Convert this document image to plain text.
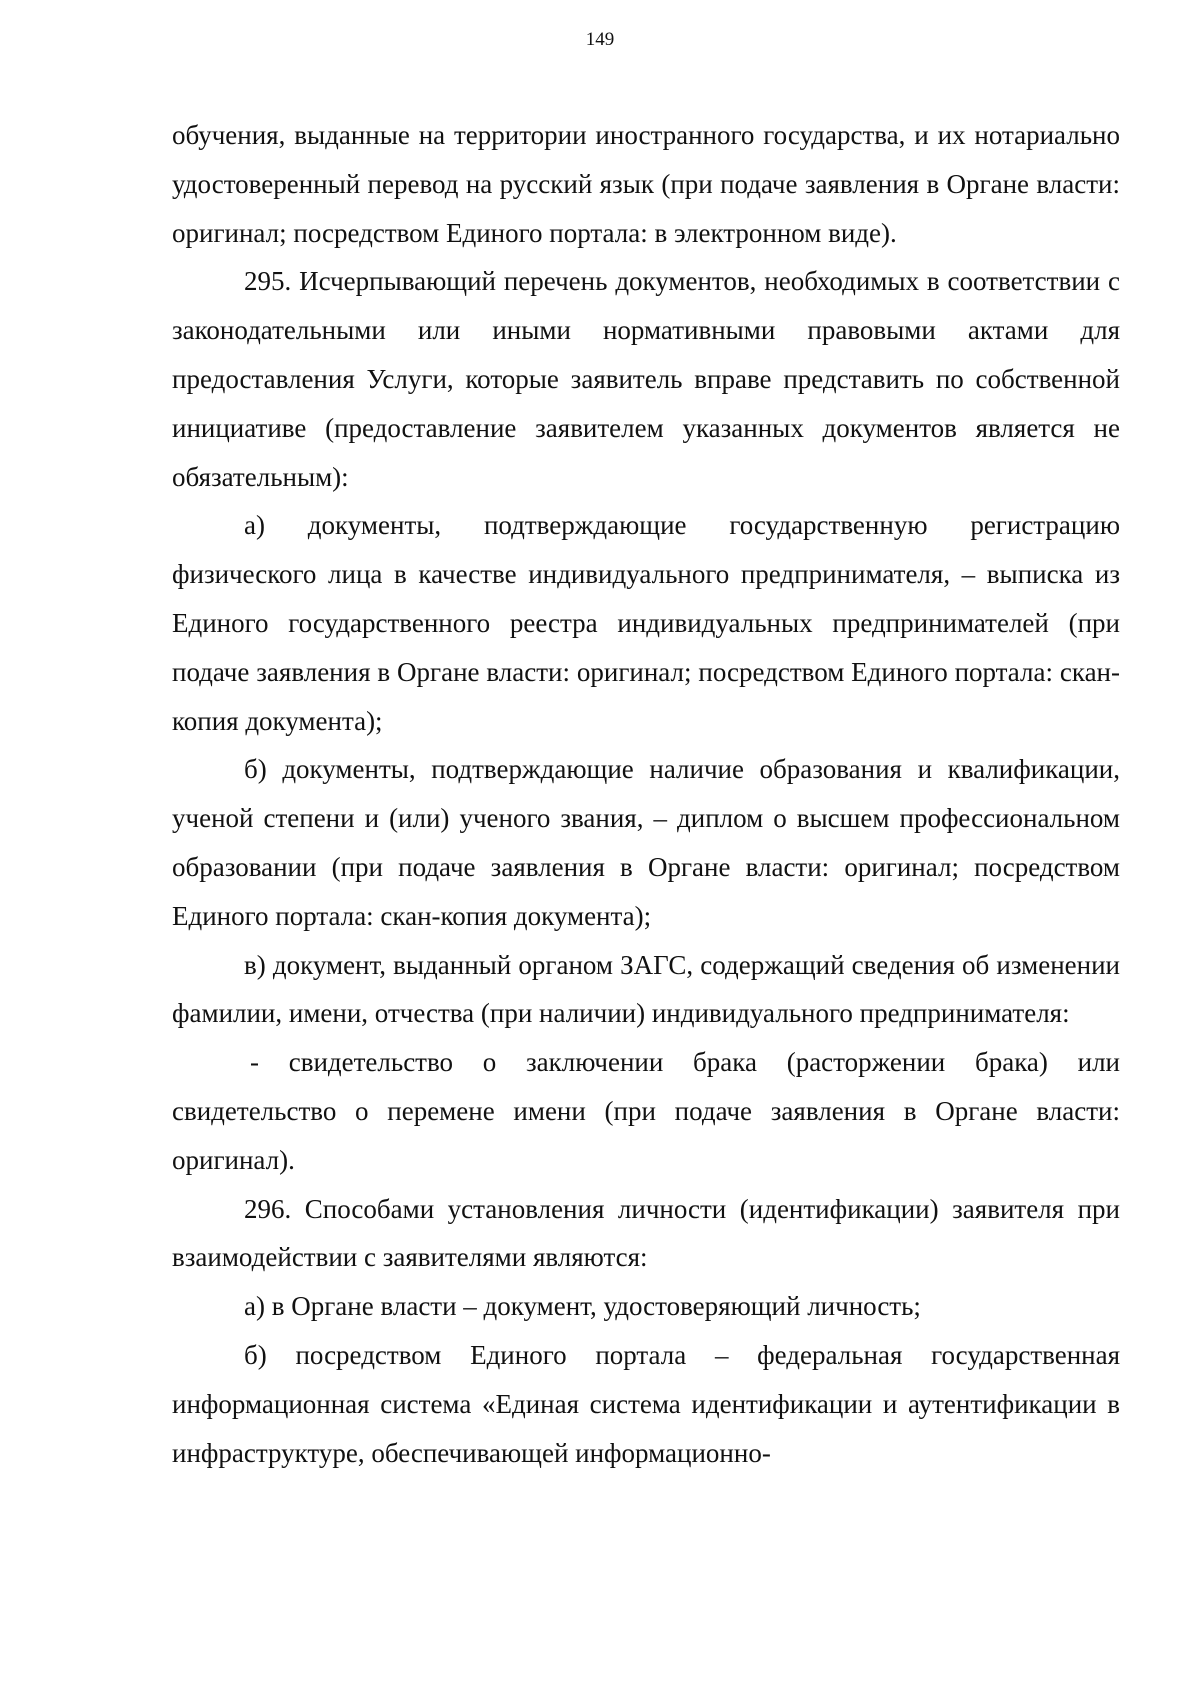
149

обучения, выданные на территории иностранного государства, и их нотариально удостоверенный перевод на русский язык (при подаче заявления в Органе власти: оригинал; посредством Единого портала: в электронном виде).

295. Исчерпывающий перечень документов, необходимых в соответствии с законодательными или иными нормативными правовыми актами для предоставления Услуги, которые заявитель вправе представить по собственной инициативе (предоставление заявителем указанных документов является не обязательным):

а) документы, подтверждающие государственную регистрацию физического лица в качестве индивидуального предпринимателя, – выписка из Единого государственного реестра индивидуальных предпринимателей (при подаче заявления в Органе власти: оригинал; посредством Единого портала: скан-копия документа);

б) документы, подтверждающие наличие образования и квалификации, ученой степени и (или) ученого звания, – диплом о высшем профессиональном образовании (при подаче заявления в Органе власти: оригинал; посредством Единого портала: скан-копия документа);

в) документ, выданный органом ЗАГС, содержащий сведения об изменении фамилии, имени, отчества (при наличии) индивидуального предпринимателя:

- свидетельство о заключении брака (расторжении брака) или свидетельство о перемене имени (при подаче заявления в Органе власти: оригинал).

296. Способами установления личности (идентификации) заявителя при взаимодействии с заявителями являются:

а) в Органе власти – документ, удостоверяющий личность;

б) посредством Единого портала – федеральная государственная информационная система «Единая система идентификации и аутентификации в инфраструктуре, обеспечивающей информационно-
